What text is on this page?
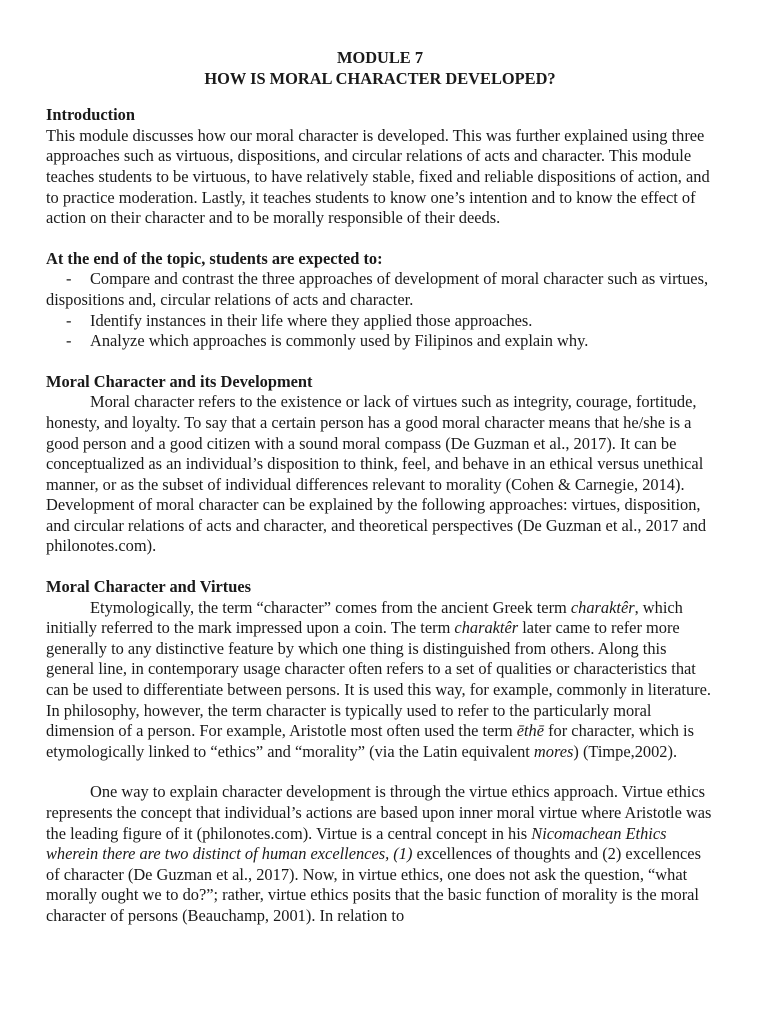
MODULE 7

HOW IS MORAL CHARACTER DEVELOPED?

Introduction

This module discusses how our moral character is developed. This was further explained using three approaches such as virtuous, dispositions, and circular relations of acts and character. This module teaches students to be virtuous, to have relatively stable, fixed and reliable dispositions of action, and to practice moderation. Lastly, it teaches students to know one’s intention and to know the effect of action on their character and to be morally responsible of their deeds.

At the end of the topic, students are expected to:
- Compare and contrast the three approaches of development of moral character such as virtues, dispositions and, circular relations of acts and character.
- Identify instances in their life where they applied those approaches.
- Analyze which approaches is commonly used by Filipinos and explain why.
Moral Character and its Development

Moral character refers to the existence or lack of virtues such as integrity, courage, fortitude, honesty, and loyalty. To say that a certain person has a good moral character means that he/she is a good person and a good citizen with a sound moral compass (De Guzman et al., 2017). It can be conceptualized as an individual’s disposition to think, feel, and behave in an ethical versus unethical manner, or as the subset of individual differences relevant to morality (Cohen & Carnegie, 2014). Development of moral character can be explained by the following approaches: virtues, disposition, and circular relations of acts and character, and theoretical perspectives (De Guzman et al., 2017 and philonotes.com).

Moral Character and Virtues

Etymologically, the term “character” comes from the ancient Greek term charaktêr, which initially referred to the mark impressed upon a coin. The term charaktêr later came to refer more generally to any distinctive feature by which one thing is distinguished from others. Along this general line, in contemporary usage character often refers to a set of qualities or characteristics that can be used to differentiate between persons. It is used this way, for example, commonly in literature. In philosophy, however, the term character is typically used to refer to the particularly moral dimension of a person. For example, Aristotle most often used the term ēthē for character, which is etymologically linked to “ethics” and “morality” (via the Latin equivalent mores) (Timpe,2002).

One way to explain character development is through the virtue ethics approach. Virtue ethics represents the concept that individual’s actions are based upon inner moral virtue where Aristotle was the leading figure of it (philonotes.com). Virtue is a central concept in his Nicomachean Ethics wherein there are two distinct of human excellences, (1) excellences of thoughts and (2) excellences of character (De Guzman et al., 2017). Now, in virtue ethics, one does not ask the question, “what morally ought we to do?”; rather, virtue ethics posits that the basic function of morality is the moral character of persons (Beauchamp, 2001). In relation to
